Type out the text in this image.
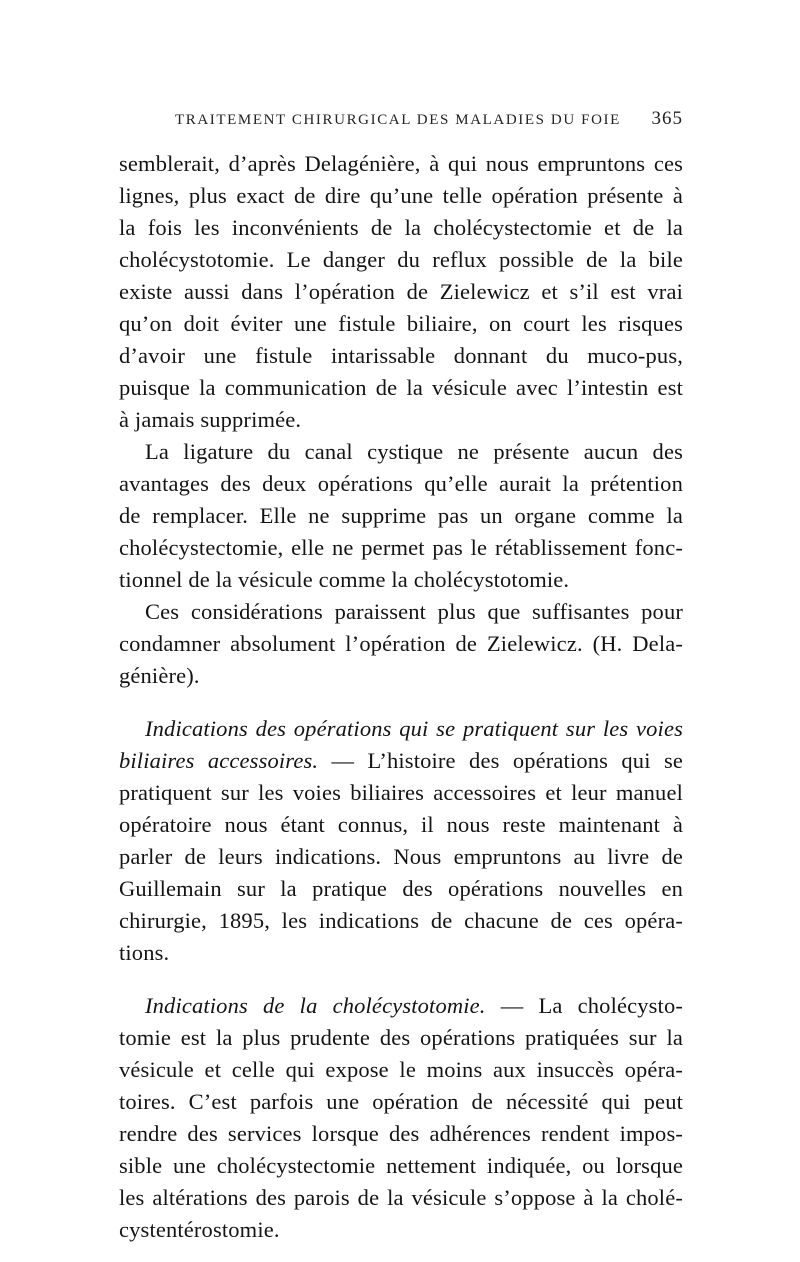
TRAITEMENT CHIRURGICAL DES MALADIES DU FOIE 365
semblerait, d’après Delagénière, à qui nous empruntons ces
lignes, plus exact de dire qu’une telle opération présente à
la fois les inconvénients de la cholécystectomie et de la
cholécystotomie. Le danger du reflux possible de la bile
existe aussi dans l’opération de Zielewicz et s’il est vrai
qu’on doit éviter une fistule biliaire, on court les risques
d’avoir une fistule intarissable donnant du muco-pus,
puisque la communication de la vésicule avec l’intestin est
à jamais supprimée.
La ligature du canal cystique ne présente aucun des
avantages des deux opérations qu’elle aurait la prétention
de remplacer. Elle ne supprime pas un organe comme la
cholécystectomie, elle ne permet pas le rétablissement fonc-
tionnel de la vésicule comme la cholécystotomie.
Ces considérations paraissent plus que suffisantes pour
condamner absolument l’opération de Zielewicz. (H. Dela-
génière).
Indications des opérations qui se pratiquent sur les voies
biliaires accessoires. — L’histoire des opérations qui se
pratiquent sur les voies biliaires accessoires et leur manuel
opératoire nous étant connus, il nous reste maintenant à
parler de leurs indications. Nous empruntons au livre de
Guillemain sur la pratique des opérations nouvelles en
chirurgie, 1895, les indications de chacune de ces opéra-
tions.
Indications de la cholécystotomie. — La cholécysto-
tomie est la plus prudente des opérations pratiquées sur la
vésicule et celle qui expose le moins aux insuccès opéra-
toires. C’est parfois une opération de nécessité qui peut
rendre des services lorsque des adhérences rendent impos-
sible une cholécystectomie nettement indiquée, ou lorsque
les altérations des parois de la vésicule s’oppose à la cholé-
cystentérostomie.
